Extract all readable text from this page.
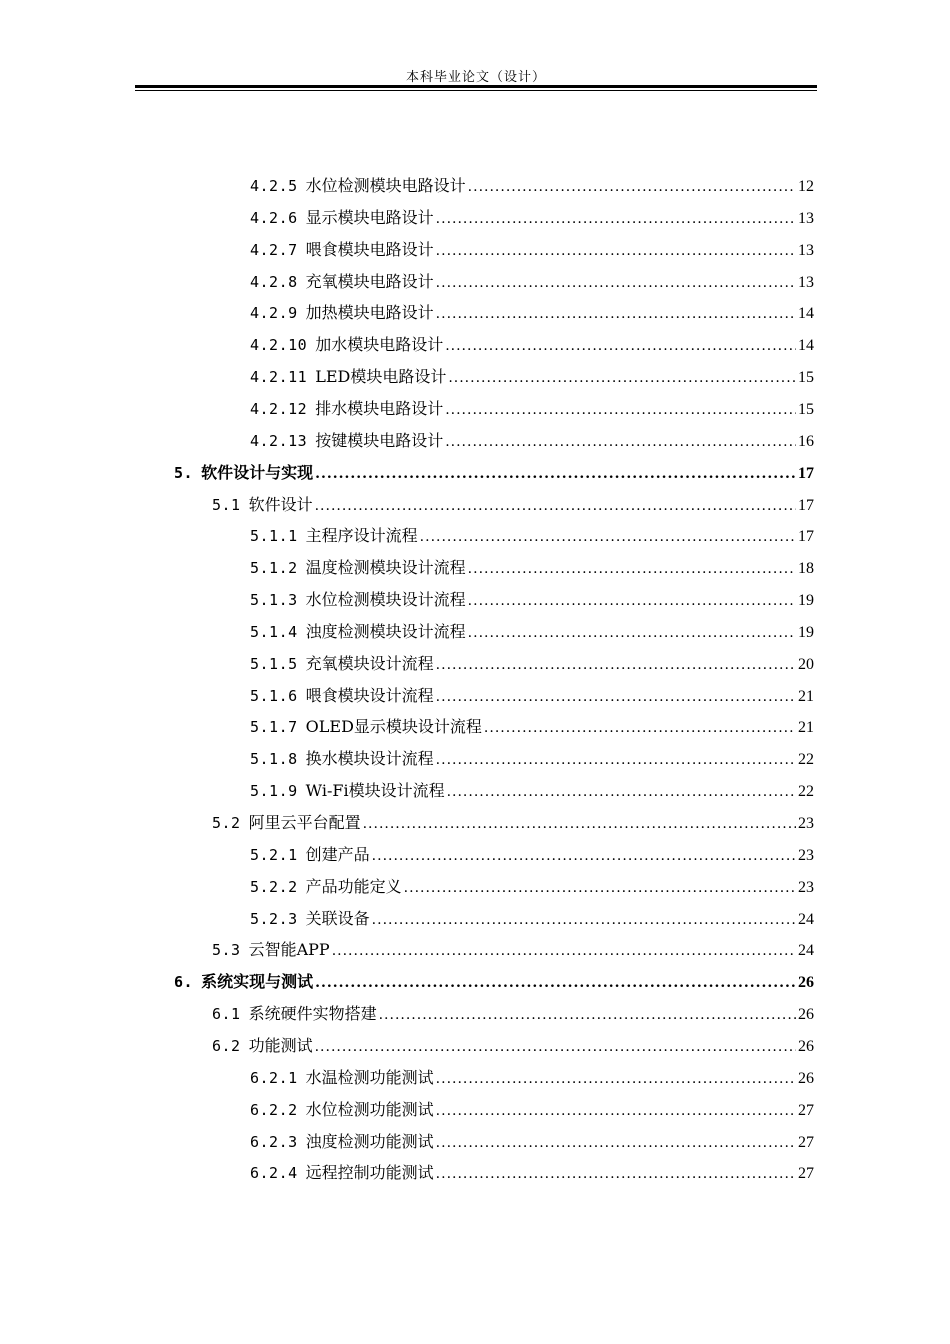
本科毕业论文（设计）
4.2.5 水位检测模块电路设计 .....	12
4.2.6 显示模块电路设计 .....	13
4.2.7 喂食模块电路设计 .....	13
4.2.8 充氧模块电路设计 .....	13
4.2.9 加热模块电路设计 .....	14
4.2.10 加水模块电路设计 .....	14
4.2.11 LED模块电路设计 .....	15
4.2.12 排水模块电路设计 .....	15
4.2.13 按键模块电路设计 .....	16
5. 软件设计与实现 .....	17
5.1 软件设计 .....	17
5.1.1 主程序设计流程 .....	17
5.1.2 温度检测模块设计流程 .....	18
5.1.3 水位检测模块设计流程 .....	19
5.1.4 浊度检测模块设计流程 .....	19
5.1.5 充氧模块设计流程 .....	20
5.1.6 喂食模块设计流程 .....	21
5.1.7 OLED显示模块设计流程 .....	21
5.1.8 换水模块设计流程 .....	22
5.1.9 Wi-Fi模块设计流程 .....	22
5.2 阿里云平台配置 .....	23
5.2.1 创建产品 .....	23
5.2.2 产品功能定义 .....	23
5.2.3 关联设备 .....	24
5.3 云智能APP .....	24
6. 系统实现与测试 .....	26
6.1 系统硬件实物搭建 .....	26
6.2 功能测试 .....	26
6.2.1 水温检测功能测试 .....	26
6.2.2 水位检测功能测试 .....	27
6.2.3 浊度检测功能测试 .....	27
6.2.4 远程控制功能测试 .....	27
